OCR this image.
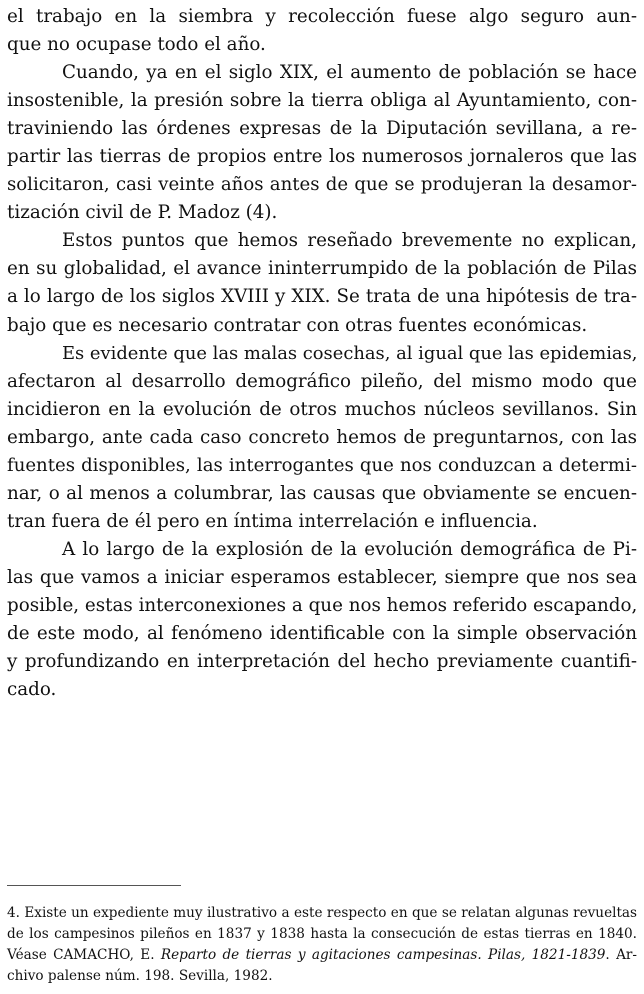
el trabajo en la siembra y recolección fuese algo seguro aun-
que no ocupase todo el año.
Cuando, ya en el siglo XIX, el aumento de población se hace
insostenible, la presión sobre la tierra obliga al Ayuntamiento, con-
traviniendo las órdenes expresas de la Diputación sevillana, a re-
partir las tierras de propios entre los numerosos jornaleros que las
solicitaron, casi veinte años antes de que se produjeran la desamor-
tización civil de P. Madoz (4).
Estos puntos que hemos reseñado brevemente no explican,
en su globalidad, el avance ininterrumpido de la población de Pilas
a lo largo de los siglos XVIII y XIX. Se trata de una hipótesis de tra-
bajo que es necesario contratar con otras fuentes económicas.
Es evidente que las malas cosechas, al igual que las epidemias,
afectaron al desarrollo demográfico pileño, del mismo modo que
incidieron en la evolución de otros muchos núcleos sevillanos. Sin
embargo, ante cada caso concreto hemos de preguntarnos, con las
fuentes disponibles, las interrogantes que nos conduzcan a determi-
nar, o al menos a columbrar, las causas que obviamente se encuen-
tran fuera de él pero en íntima interrelación e influencia.
A lo largo de la explosión de la evolución demográfica de Pi-
las que vamos a iniciar esperamos establecer, siempre que nos sea
posible, estas interconexiones a que nos hemos referido escapando,
de este modo, al fenómeno identificable con la simple observación
y profundizando en interpretación del hecho previamente cuantifi-
cado.
4. Existe un expediente muy ilustrativo a este respecto en que se relatan algunas revueltas
de los campesinos pileños en 1837 y 1838 hasta la consecución de estas tierras en 1840.
Véase CAMACHO, E. Reparto de tierras y agitaciones campesinas. Pilas, 1821-1839. Ar-
chivo palense núm. 198. Sevilla, 1982.
